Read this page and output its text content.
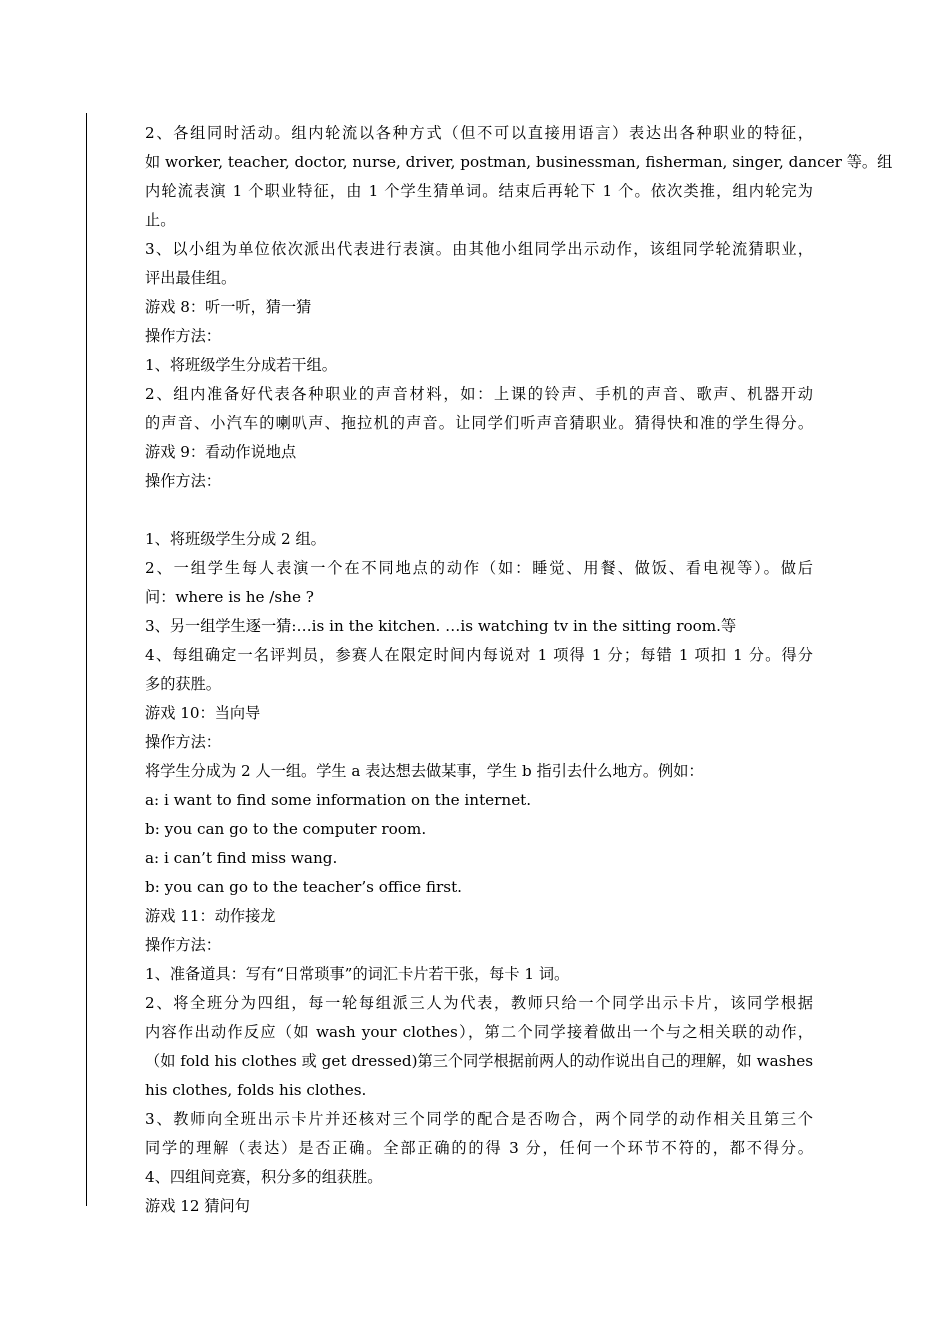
2、各组同时活动。组内轮流以各种方式（但不可以直接用语言）表达出各种职业的特征，
如 worker, teacher, doctor, nurse, driver, postman, businessman, fisherman, singer, dancer 等。组
内轮流表演 1 个职业特征，由 1 个学生猜单词。结束后再轮下 1 个。依次类推，组内轮完为
止。
3、以小组为单位依次派出代表进行表演。由其他小组同学出示动作，该组同学轮流猜职业，
评出最佳组。
游戏 8：听一听，猜一猜
操作方法：
1、将班级学生分成若干组。
2、组内准备好代表各种职业的声音材料，如：上课的铃声、手机的声音、歌声、机器开动
的声音、小汽车的喇叭声、拖拉机的声音。让同学们听声音猜职业。猜得快和准的学生得分。
游戏 9：看动作说地点
操作方法：
1、将班级学生分成 2 组。
2、一组学生每人表演一个在不同地点的动作（如：睡觉、用餐、做饭、看电视等）。做后
问：where is he /she ?
3、另一组学生逐一猜:…is in the kitchen. …is watching tv in the sitting room.等
4、每组确定一名评判员，参赛人在限定时间内每说对 1 项得 1 分；每错 1 项扣 1 分。得分
多的获胜。
游戏 10：当向导
操作方法：
将学生分成为 2 人一组。学生 a 表达想去做某事，学生 b 指引去什么地方。例如：
a: i want to find some information on the internet.
b: you can go to the computer room.
a: i can’t find miss wang.
b: you can go to the teacher’s office first.
游戏 11：动作接龙
操作方法：
1、准备道具：写有“日常琐事”的词汇卡片若干张，每卡 1 词。
2、将全班分为四组，每一轮每组派三人为代表，教师只给一个同学出示卡片，该同学根据
内容作出动作反应（如 wash your clothes），第二个同学接着做出一个与之相关联的动作，
（如 fold his clothes 或 get dressed)第三个同学根据前两人的动作说出自己的理解，如 washes
his clothes, folds his clothes.
3、教师向全班出示卡片并还核对三个同学的配合是否吻合，两个同学的动作相关且第三个
同学的理解（表达）是否正确。全部正确的的得 3 分，任何一个环节不符的，都不得分。
4、四组间竞赛，积分多的组获胜。
游戏 12 猜问句
